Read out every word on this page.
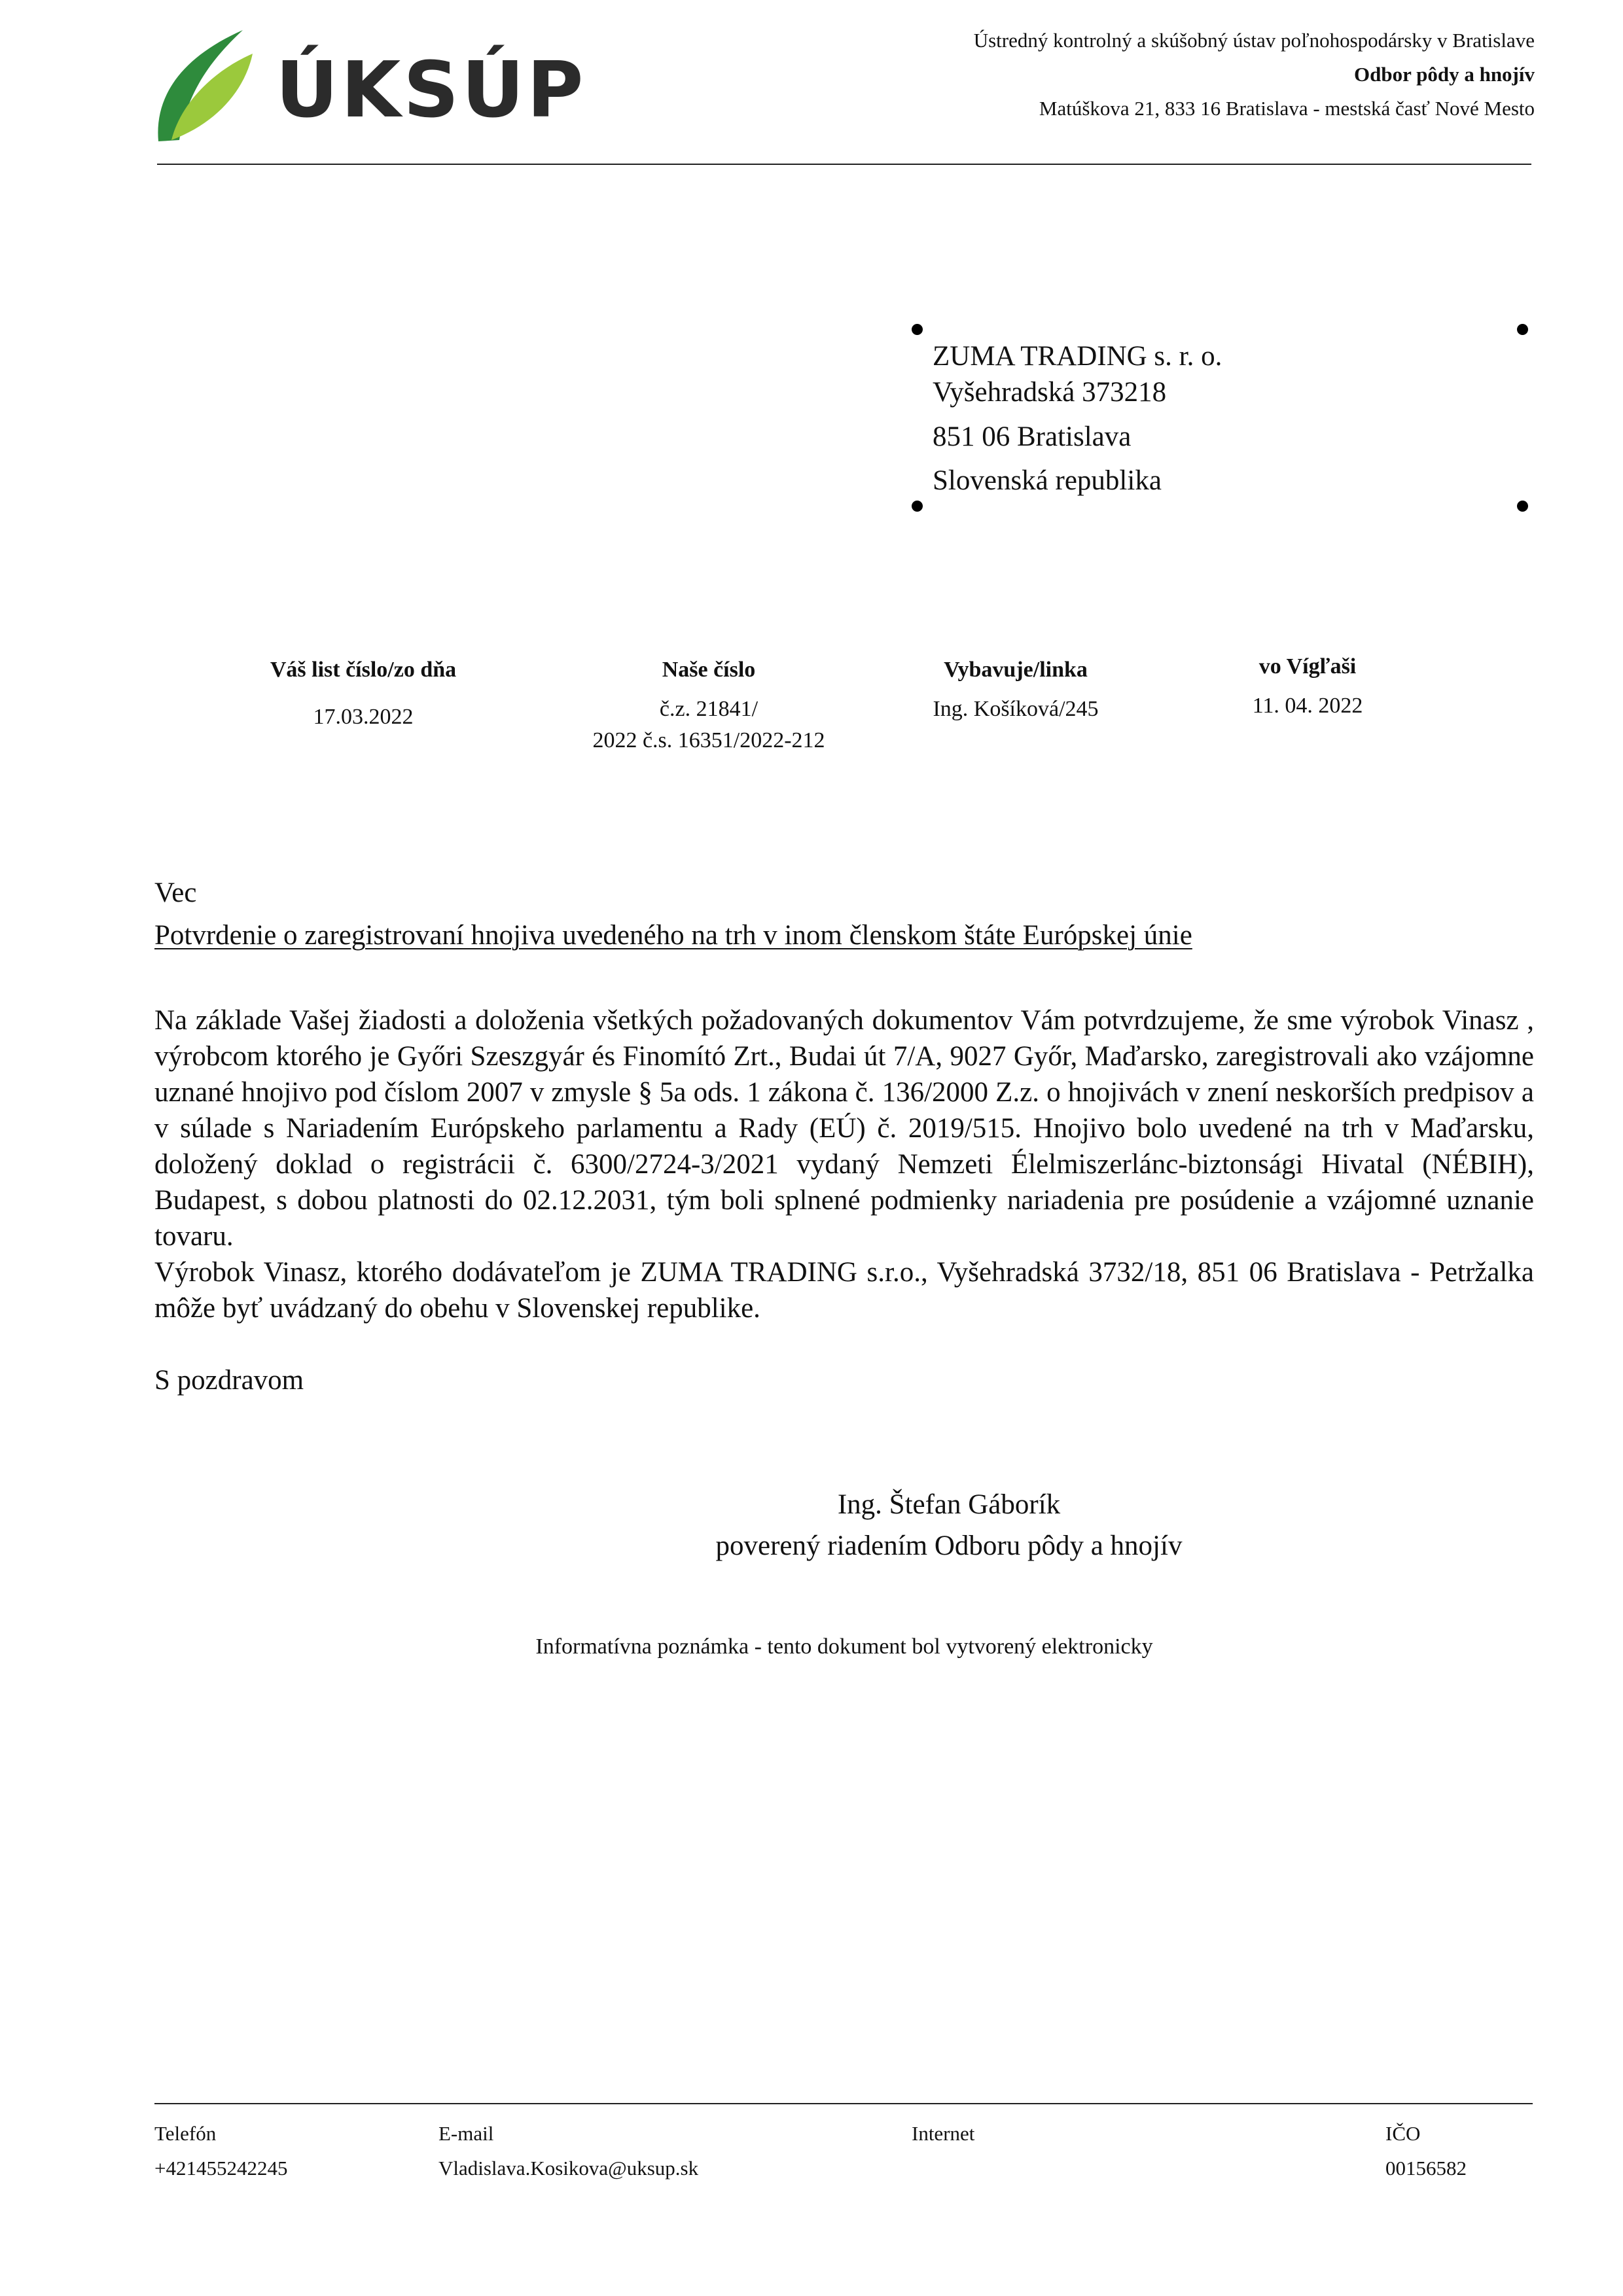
ÚKSÚP
Ústredný kontrolný a skúšobný ústav poľnohospodársky v Bratislave
Odbor pôdy a hnojív
Matúškova 21, 833 16 Bratislava - mestská časť Nové Mesto
ZUMA TRADING s. r. o.
Vyšehradská 373218
851 06 Bratislava
Slovenská republika
Váš list číslo/zo dňa
17.03.2022
Naše číslo
č.z. 21841/
2022 č.s. 16351/2022-212
Vybavuje/linka
Ing. Košíková/245
vo Vígľaši
11. 04. 2022
Vec
Potvrdenie o zaregistrovaní hnojiva uvedeného na trh v inom členskom štáte Európskej únie

Na základe Vašej žiadosti a doloženia všetkých požadovaných dokumentov Vám potvrdzujeme, že sme výrobok Vinasz , výrobcom ktorého je Győri Szeszgyár és Finomító Zrt., Budai út 7/A, 9027 Győr, Maďarsko, zaregistrovali ako vzájomne uznané hnojivo pod číslom 2007 v zmysle § 5a ods. 1 zákona č. 136/2000 Z.z. o hnojivách v znení neskorších predpisov a v súlade s Nariadením Európskeho parlamentu a Rady (EÚ) č. 2019/515. Hnojivo bolo uvedené na trh v Maďarsku, doložený doklad o registrácii č. 6300/2724-3/2021 vydaný Nemzeti Élelmiszerlánc-biztonsági Hivatal (NÉBIH), Budapest, s dobou platnosti do 02.12.2031, tým boli splnené podmienky nariadenia pre posúdenie a vzájomné uznanie tovaru.

Výrobok Vinasz, ktorého dodávateľom je ZUMA TRADING s.r.o., Vyšehradská 3732/18, 851 06 Bratislava - Petržalka môže byť uvádzaný do obehu v Slovenskej republike.

S pozdravom
Ing. Štefan Gáborík
poverený riadením Odboru pôdy a hnojív
Informatívna poznámka - tento dokument bol vytvorený elektronicky
Telefón
+421455242245
E-mail
Vladislava.Kosikova@uksup.sk
Internet	IČO
00156582
